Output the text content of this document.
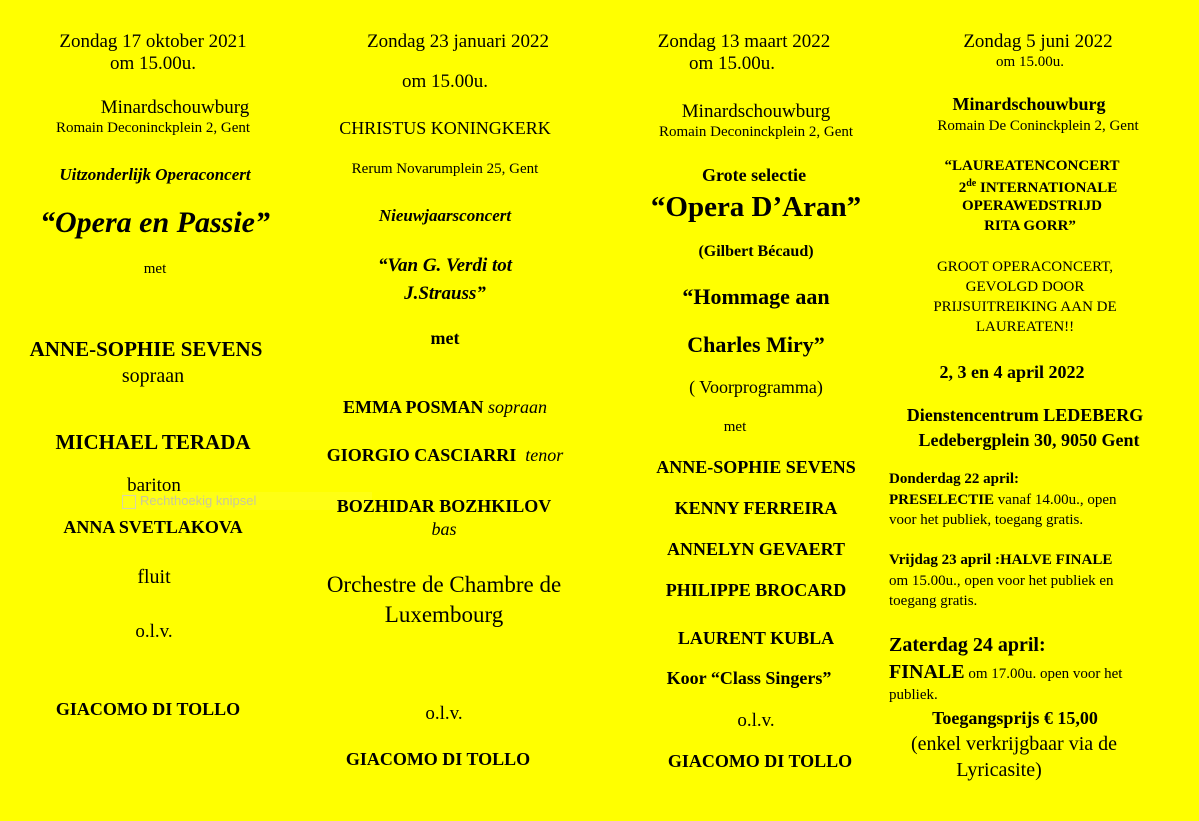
Zondag 17 oktober 2021
om 15.00u.
Minardschouwburg
Romain Deconinckplein 2, Gent
Uitzonderlijk Operaconcert
“Opera en Passie”
met
ANNE-SOPHIE SEVENS
sopraan
MICHAEL TERADA
bariton
ANNA SVETLAKOVA
fluit
o.l.v.
GIACOMO DI TOLLO
Rechthoekig knipsel
Zondag 23 januari 2022
om 15.00u.
CHRISTUS KONINGKERK
Rerum Novarumplein 25, Gent
Nieuwjaarsconcert
“Van G. Verdi tot
J.Strauss”
met
EMMA POSMAN sopraan
GIORGIO CASCIARRI tenor
BOZHIDAR BOZHKILOV
bas
Orchestre de Chambre de
Luxembourg
o.l.v.
GIACOMO DI TOLLO
Zondag 13 maart 2022
om 15.00u.
Minardschouwburg
Romain Deconinckplein 2, Gent
Grote selectie
“Opera D’Aran”
(Gilbert Bécaud)
“Hommage aan
Charles Miry”
( Voorprogramma)
met
ANNE-SOPHIE SEVENS
KENNY FERREIRA
ANNELYN GEVAERT
PHILIPPE BROCARD
LAURENT KUBLA
Koor “Class Singers”
o.l.v.
GIACOMO DI TOLLO
Zondag 5 juni 2022
om 15.00u.
Minardschouwburg
Romain De Coninckplein 2, Gent
“LAUREATENCONCERT
2de INTERNATIONALE
OPERAWEDSTRIJD
RITA GORR”
GROOT OPERACONCERT,
GEVOLGD DOOR
PRIJSUITREIKING AAN DE
LAUREATEN!!
2, 3 en 4 april 2022
Dienstencentrum LEDEBERG
Ledebergplein 30, 9050 Gent
Donderdag 22 april:
PRESELECTIE vanaf 14.00u., open
voor het publiek, toegang gratis.
Vrijdag 23 april :HALVE FINALE
om 15.00u., open voor het publiek en
toegang gratis.
Zaterdag 24 april:
FINALE om 17.00u. open voor het
publiek.
Toegangsprijs € 15,00
(enkel verkrijgbaar via de
Lyricasite)
